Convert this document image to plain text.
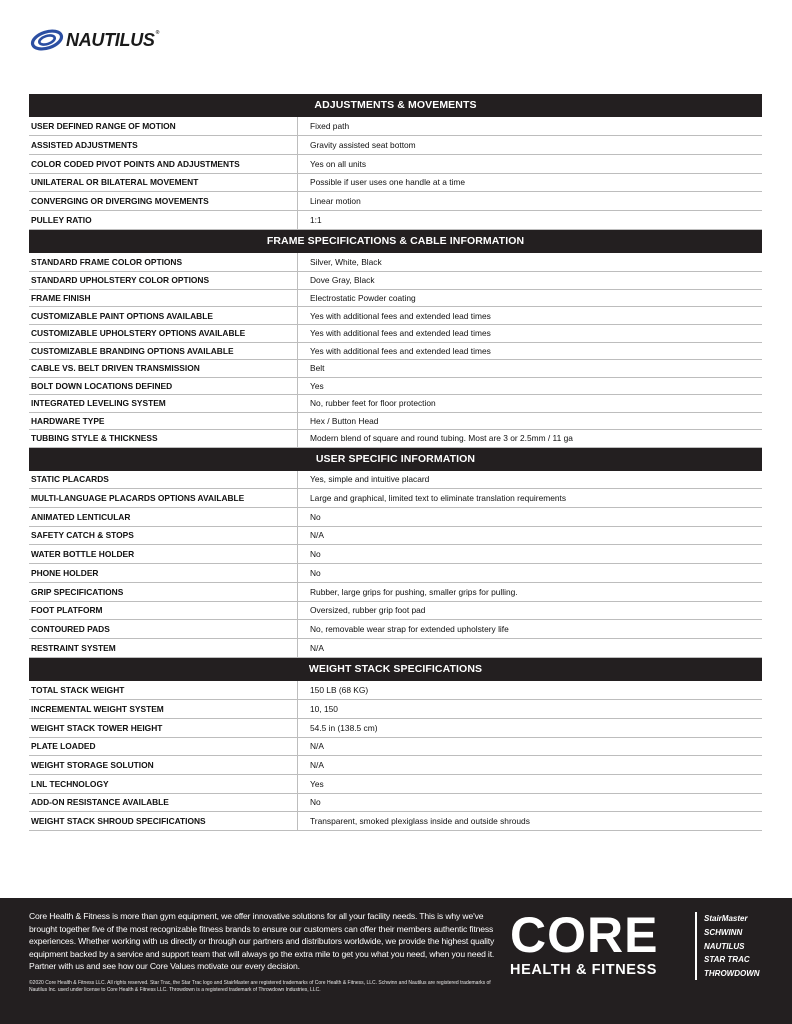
NAUTILUS®
ADJUSTMENTS & MOVEMENTS
USER DEFINED RANGE OF MOTION	Fixed path
ASSISTED ADJUSTMENTS	Gravity assisted seat bottom
COLOR CODED PIVOT POINTS AND ADJUSTMENTS	Yes on all units
UNILATERAL OR BILATERAL MOVEMENT	Possible if user uses one handle at a time
CONVERGING OR DIVERGING MOVEMENTS	Linear motion
PULLEY RATIO	1:1
FRAME SPECIFICATIONS & CABLE INFORMATION
STANDARD FRAME COLOR OPTIONS	Silver, White, Black
STANDARD UPHOLSTERY COLOR OPTIONS	Dove Gray, Black
FRAME FINISH	Electrostatic Powder coating
CUSTOMIZABLE PAINT OPTIONS AVAILABLE	Yes with additional fees and extended lead times
CUSTOMIZABLE UPHOLSTERY OPTIONS AVAILABLE	Yes with additional fees and extended lead times
CUSTOMIZABLE BRANDING OPTIONS AVAILABLE	Yes with additional fees and extended lead times
CABLE VS. BELT DRIVEN TRANSMISSION	Belt
BOLT DOWN LOCATIONS DEFINED	Yes
INTEGRATED LEVELING SYSTEM	No, rubber feet for floor protection
HARDWARE TYPE	Hex / Button Head
TUBBING STYLE & THICKNESS	Modern blend of square and round tubing. Most are 3 or 2.5mm / 11 ga
USER SPECIFIC INFORMATION
STATIC PLACARDS	Yes, simple and intuitive placard
MULTI-LANGUAGE PLACARDS OPTIONS AVAILABLE	Large and graphical, limited text to eliminate translation requirements
ANIMATED LENTICULAR	No
SAFETY CATCH & STOPS	N/A
WATER BOTTLE HOLDER	No
PHONE HOLDER	No
GRIP SPECIFICATIONS	Rubber, large grips for pushing, smaller grips for pulling.
FOOT PLATFORM	Oversized, rubber grip foot pad
CONTOURED PADS	No, removable wear strap for extended upholstery life
RESTRAINT SYSTEM	N/A
WEIGHT STACK SPECIFICATIONS
TOTAL STACK WEIGHT	150 LB (68 KG)
INCREMENTAL WEIGHT SYSTEM	10, 150
WEIGHT STACK TOWER HEIGHT	54.5 in (138.5 cm)
PLATE LOADED	N/A
WEIGHT STORAGE SOLUTION	N/A
LNL TECHNOLOGY	Yes
ADD-ON RESISTANCE AVAILABLE	No
WEIGHT STACK SHROUD SPECIFICATIONS	Transparent, smoked plexiglass inside and outside shrouds
Core Health & Fitness is more than gym equipment, we offer innovative solutions for all your facility needs. This is why we've brought together five of the most recognizable fitness brands to ensure our customers can offer their members authentic fitness experiences. Whether working with us directly or through our partners and distributors worldwide, we provide the highest quality equipment backed by a service and support team that will always go the extra mile to get you what you need, when you need it. Partner with us and see how our Core Values motivate our every decision.
©2020 Core Health & Fitness LLC. All rights reserved. Star Trac, the Star Trac logo and StairMaster are registered trademarks of Core Health & Fitness, LLC. Schwinn and Nautilus are registered trademarks of Nautilus Inc. used under license to Core Health & Fitness LLC. Throwdown is a registered trademark of Throwdown Industries, LLC.
CORE
HEALTH & FITNESS
StairMaster
SCHWINN
NAUTILUS
STAR TRAC
THROWDOWN
